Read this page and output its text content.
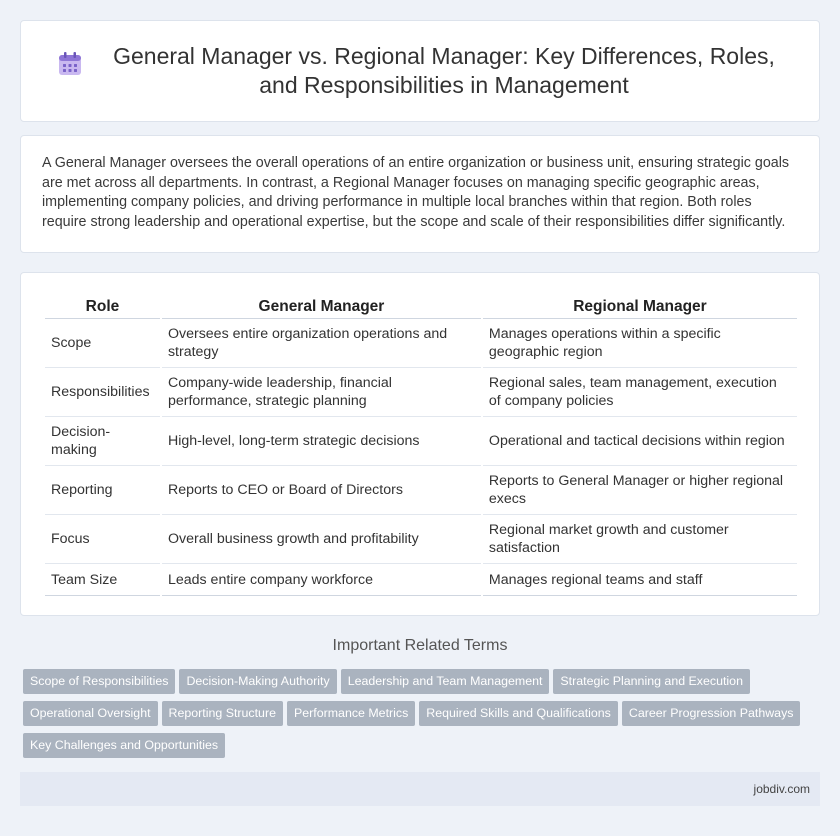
General Manager vs. Regional Manager: Key Differences, Roles, and Responsibilities in Management

A General Manager oversees the overall operations of an entire organization or business unit, ensuring strategic goals are met across all departments. In contrast, a Regional Manager focuses on managing specific geographic areas, implementing company policies, and driving performance in multiple local branches within that region. Both roles require strong leadership and operational expertise, but the scope and scale of their responsibilities differ significantly.

Role	General Manager	Regional Manager
Scope	Oversees entire organization operations and strategy	Manages operations within a specific geographic region
Responsibilities	Company-wide leadership, financial performance, strategic planning	Regional sales, team management, execution of company policies
Decision-making	High-level, long-term strategic decisions	Operational and tactical decisions within region
Reporting	Reports to CEO or Board of Directors	Reports to General Manager or higher regional execs
Focus	Overall business growth and profitability	Regional market growth and customer satisfaction
Team Size	Leads entire company workforce	Manages regional teams and staff
Important Related Terms
Scope of Responsibilities Decision-Making Authority Leadership and Team Management Strategic Planning and Execution
Operational Oversight Reporting Structure Performance Metrics Required Skills and Qualifications Career Progression Pathways
Key Challenges and Opportunities
jobdiv.com
